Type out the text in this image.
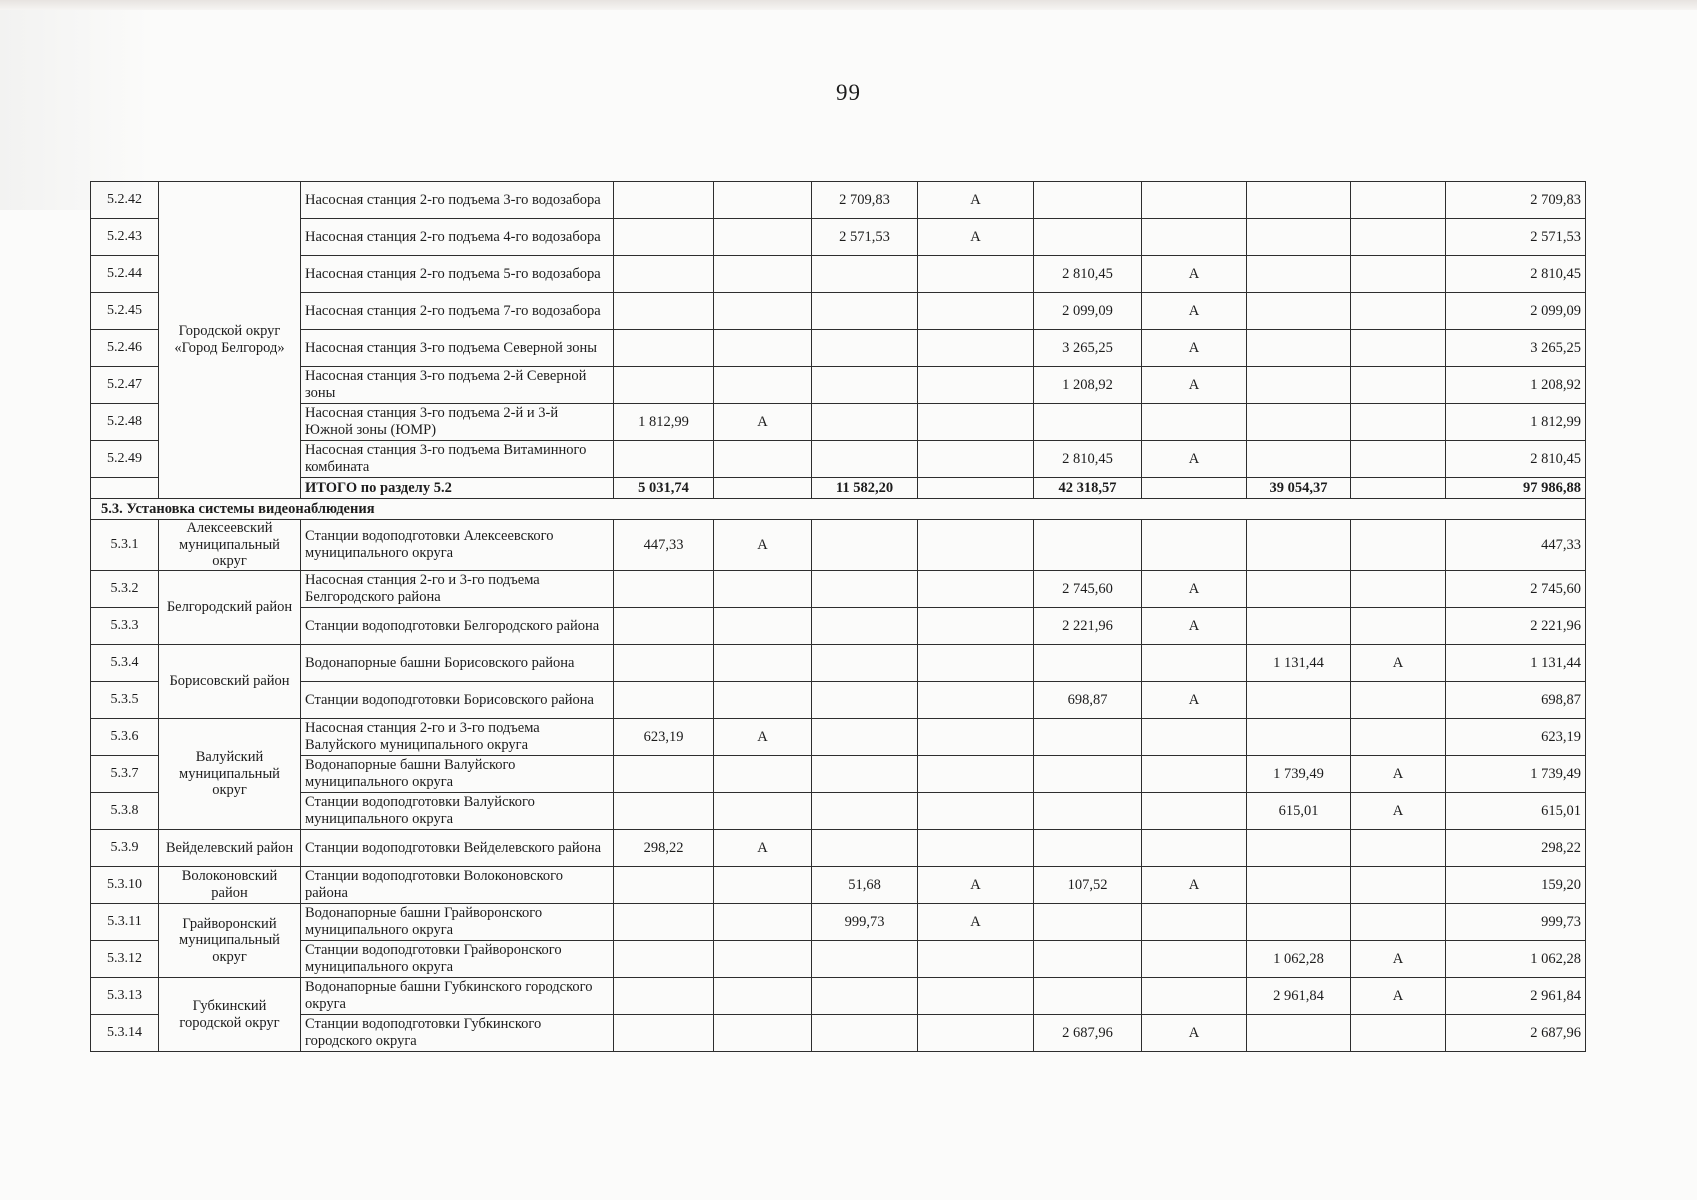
99
5.2.42	Городской округ «Город Белгород»	Насосная станция 2-го подъема 3-го водозабора			2 709,83	А					2 709,83
5.2.43		Насосная станция 2-го подъема 4-го водозабора			2 571,53	А					2 571,53
5.2.44		Насосная станция 2-го подъема 5-го водозабора					2 810,45	А			2 810,45
5.2.45		Насосная станция 2-го подъема 7-го водозабора					2 099,09	А			2 099,09
5.2.46		Насосная станция 3-го подъема Северной зоны					3 265,25	А			3 265,25
5.2.47		Насосная станция 3-го подъема 2-й Северной зоны					1 208,92	А			1 208,92
5.2.48		Насосная станция 3-го подъема 2-й и 3-й Южной зоны (ЮМР)	1 812,99	А							1 812,99
5.2.49		Насосная станция 3-го подъема Витаминного комбината					2 810,45	А			2 810,45
		ИТОГО по разделу 5.2	5 031,74		11 582,20		42 318,57		39 054,37		97 986,88
5.3. Установка системы видеонаблюдения											
5.3.1	Алексеевский муниципальный округ	Станции водоподготовки Алексеевского муниципального округа	447,33	А							447,33
5.3.2	Белгородский район	Насосная станция 2-го и 3-го подъема Белгородского района					2 745,60	А			2 745,60
5.3.3		Станции водоподготовки Белгородского района					2 221,96	А			2 221,96
5.3.4	Борисовский район	Водонапорные башни Борисовского района							1 131,44	А	1 131,44
5.3.5		Станции водоподготовки Борисовского района					698,87	А			698,87
5.3.6	Валуйский муниципальный округ	Насосная станция 2-го и 3-го подъема Валуйского муниципального округа	623,19	А							623,19
5.3.7		Водонапорные башни Валуйского муниципального округа							1 739,49	А	1 739,49
5.3.8		Станции водоподготовки Валуйского муниципального округа							615,01	А	615,01
5.3.9	Вейделевский район	Станции водоподготовки Вейделевского района	298,22	А							298,22
5.3.10	Волоконовский район	Станции водоподготовки Волоконовского района			51,68	А	107,52	А			159,20
5.3.11	Грайворонский муниципальный округ	Водонапорные башни Грайворонского муниципального округа			999,73	А					999,73
5.3.12		Станции водоподготовки Грайворонского муниципального округа							1 062,28	А	1 062,28
5.3.13	Губкинский городской округ	Водонапорные башни Губкинского городского округа							2 961,84	А	2 961,84
5.3.14		Станции водоподготовки Губкинского городского округа					2 687,96	А			2 687,96
